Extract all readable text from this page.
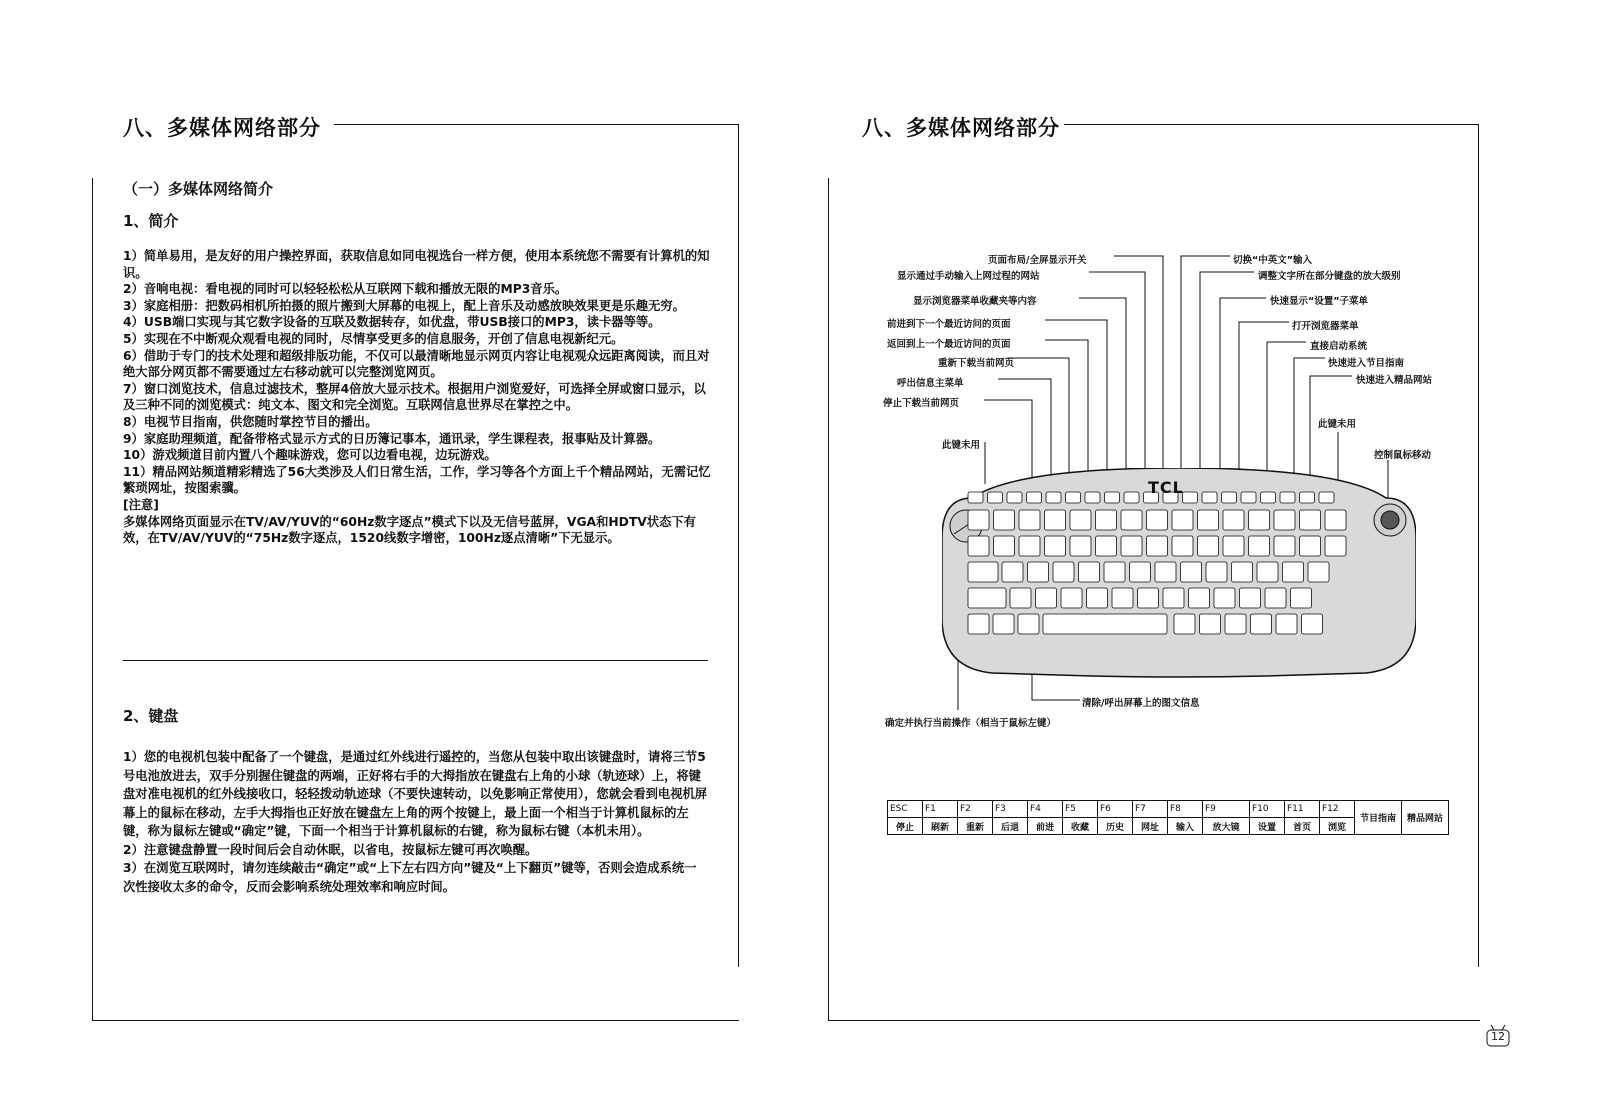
八、多媒体网络部分
（一）多媒体网络简介
1、简介

1）简单易用，是友好的用户操控界面，获取信息如同电视选台一样方便，使用本系统您不需要有计算机的知识。

2）音响电视：看电视的同时可以轻轻松松从互联网下载和播放无限的MP3音乐。

3）家庭相册：把数码相机所拍摄的照片搬到大屏幕的电视上，配上音乐及动感放映效果更是乐趣无穷。

4）USB端口实现与其它数字设备的互联及数据转存，如优盘，带USB接口的MP3，读卡器等等。

5）实现在不中断观众观看电视的同时，尽情享受更多的信息服务，开创了信息电视新纪元。

6）借助于专门的技术处理和超级排版功能，不仅可以最清晰地显示网页内容让电视观众远距离阅读，而且对绝大部分网页都不需要通过左右移动就可以完整浏览网页。

7）窗口浏览技术，信息过滤技术，整屏4倍放大显示技术。根据用户浏览爱好，可选择全屏或窗口显示，以及三种不同的浏览模式：纯文本、图文和完全浏览。互联网信息世界尽在掌控之中。

8）电视节目指南，供您随时掌控节目的播出。

9）家庭助理频道，配备带格式显示方式的日历簿记事本，通讯录，学生课程表，报事贴及计算器。

10）游戏频道目前内置八个趣味游戏，您可以边看电视，边玩游戏。

11）精品网站频道精彩精选了56大类涉及人们日常生活，工作，学习等各个方面上千个精品网站，无需记忆繁琐网址，按图索骥。

[注意]

多媒体网络页面显示在TV/AV/YUV的“60Hz数字逐点”模式下以及无信号蓝屏，VGA和HDTV状态下有效，在TV/AV/YUV的“75Hz数字逐点，1520线数字增密，100Hz逐点清晰”下无显示。

2、键盘

1）您的电视机包装中配备了一个键盘，是通过红外线进行遥控的，当您从包装中取出该键盘时，请将三节5号电池放进去，双手分别握住键盘的两端，正好将右手的大拇指放在键盘右上角的小球（轨迹球）上，将键盘对准电视机的红外线接收口，轻轻拨动轨迹球（不要快速转动，以免影响正常使用），您就会看到电视机屏幕上的鼠标在移动，左手大拇指也正好放在键盘左上角的两个按键上，最上面一个相当于计算机鼠标的左键，称为鼠标左键或“确定”键，下面一个相当于计算机鼠标的右键，称为鼠标右键（本机未用）。

2）注意键盘静置一段时间后会自动休眠，以省电，按鼠标左键可再次唤醒。

3）在浏览互联网时，请勿连续敲击“确定”或“上下左右四方向”键及“上下翻页”键等，否则会造成系统一次性接收太多的命令，反而会影响系统处理效率和响应时间。

八、多媒体网络部分
页面布局/全屏显示开关
显示通过手动输入上网过程的网站
显示浏览器菜单收藏夹等内容
前进到下一个最近访问的页面
返回到上一个最近访问的页面
重新下载当前网页
呼出信息主菜单
停止下载当前网页
此键未用
切换“中英文”输入
调整文字所在部分键盘的放大级别
快速显示“设置”子菜单
打开浏览器菜单
直接启动系统
快速进入节目指南
快速进入精品网站
此键未用
控制鼠标移动
TCL
清除/呼出屏幕上的图文信息
确定并执行当前操作（相当于鼠标左键）
ESC	F1	F2	F3	F4	F5	F6	F7	F8	F9	F10	F11	F12	节目指南	精品网站
停止	刷新	重新	后退	前进	收藏	历史	网址	输入	放大镜	设置	首页	浏览		
12
